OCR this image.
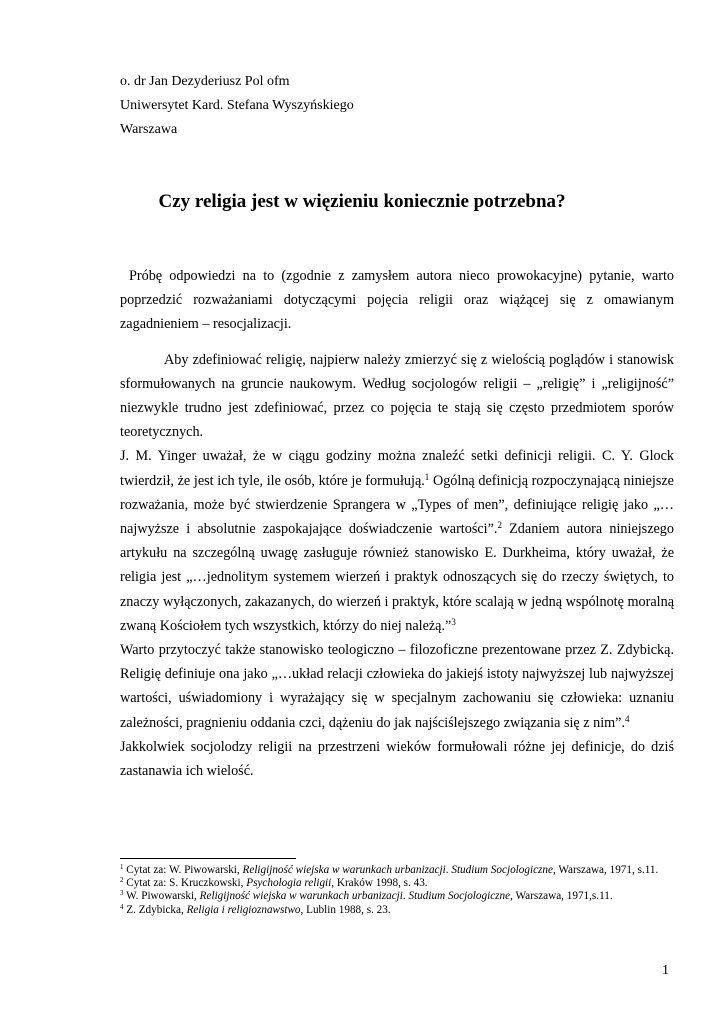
o. dr Jan Dezyderiusz Pol ofm
Uniwersytet Kard. Stefana Wyszyńskiego
Warszawa
Czy religia jest w więzieniu koniecznie potrzebna?

Próbę odpowiedzi na to (zgodnie z zamysłem autora nieco prowokacyjne) pytanie, warto poprzedzić rozważaniami dotyczącymi pojęcia religii oraz wiążącej się z omawianym zagadnieniem – resocjalizacji.

Aby zdefiniować religię, najpierw należy zmierzyć się z wielością poglądów i stanowisk sformułowanych na gruncie naukowym. Według socjologów religii – „religię” i „religijność” niezwykle trudno jest zdefiniować, przez co pojęcia te stają się często przedmiotem sporów teoretycznych.

J. M. Yinger uważał, że w ciągu godziny można znaleźć setki definicji religii. C. Y. Glock twierdził, że jest ich tyle, ile osób, które je formułują.$^1$ Ogólną definicją rozpoczynającą niniejsze rozważania, może być stwierdzenie Sprangera w „Types of men”, definiujące religię jako „…najwyższe i absolutnie zaspokajające doświadczenie wartości”.$^2$ Zdaniem autora niniejszego artykułu na szczególną uwagę zasługuje również stanowisko E. Durkheima, który uważał, że religia jest „…jednolitym systemem wierzeń i praktyk odnoszących się do rzeczy świętych, to znaczy wyłączonych, zakazanych, do wierzeń i praktyk, które scalają w jedną wspólnotę moralną zwaną Kościołem tych wszystkich, którzy do niej należą.”$^3$

Warto przytoczyć także stanowisko teologiczno – filozoficzne prezentowane przez Z. Zdybicką. Religię definiuje ona jako „…układ relacji człowieka do jakiejś istoty najwyższej lub najwyższej wartości, uświadomiony i wyrażający się w specjalnym zachowaniu się człowieka: uznaniu zależności, pragnieniu oddania czci, dążeniu do jak najściślejszego związania się z nim”.$^4$

Jakkolwiek socjolodzy religii na przestrzeni wieków formułowali różne jej definicje, do dziś zastanawia ich wielość.

$^1$ Cytat za: W. Piwowarski, Religijność wiejska w warunkach urbanizacji. Studium Socjologiczne, Warszawa, 1971, s.11.

$^2$ Cytat za: S. Kruczkowski, Psychologia religii, Kraków 1998, s. 43.

$^3$ W. Piwowarski, Religijność wiejska w warunkach urbanizacji. Studium Socjologiczne, Warszawa, 1971,s.11.

$^4$ Z. Zdybicka, Religia i religioznawstwo, Lublin 1988, s. 23.

1
